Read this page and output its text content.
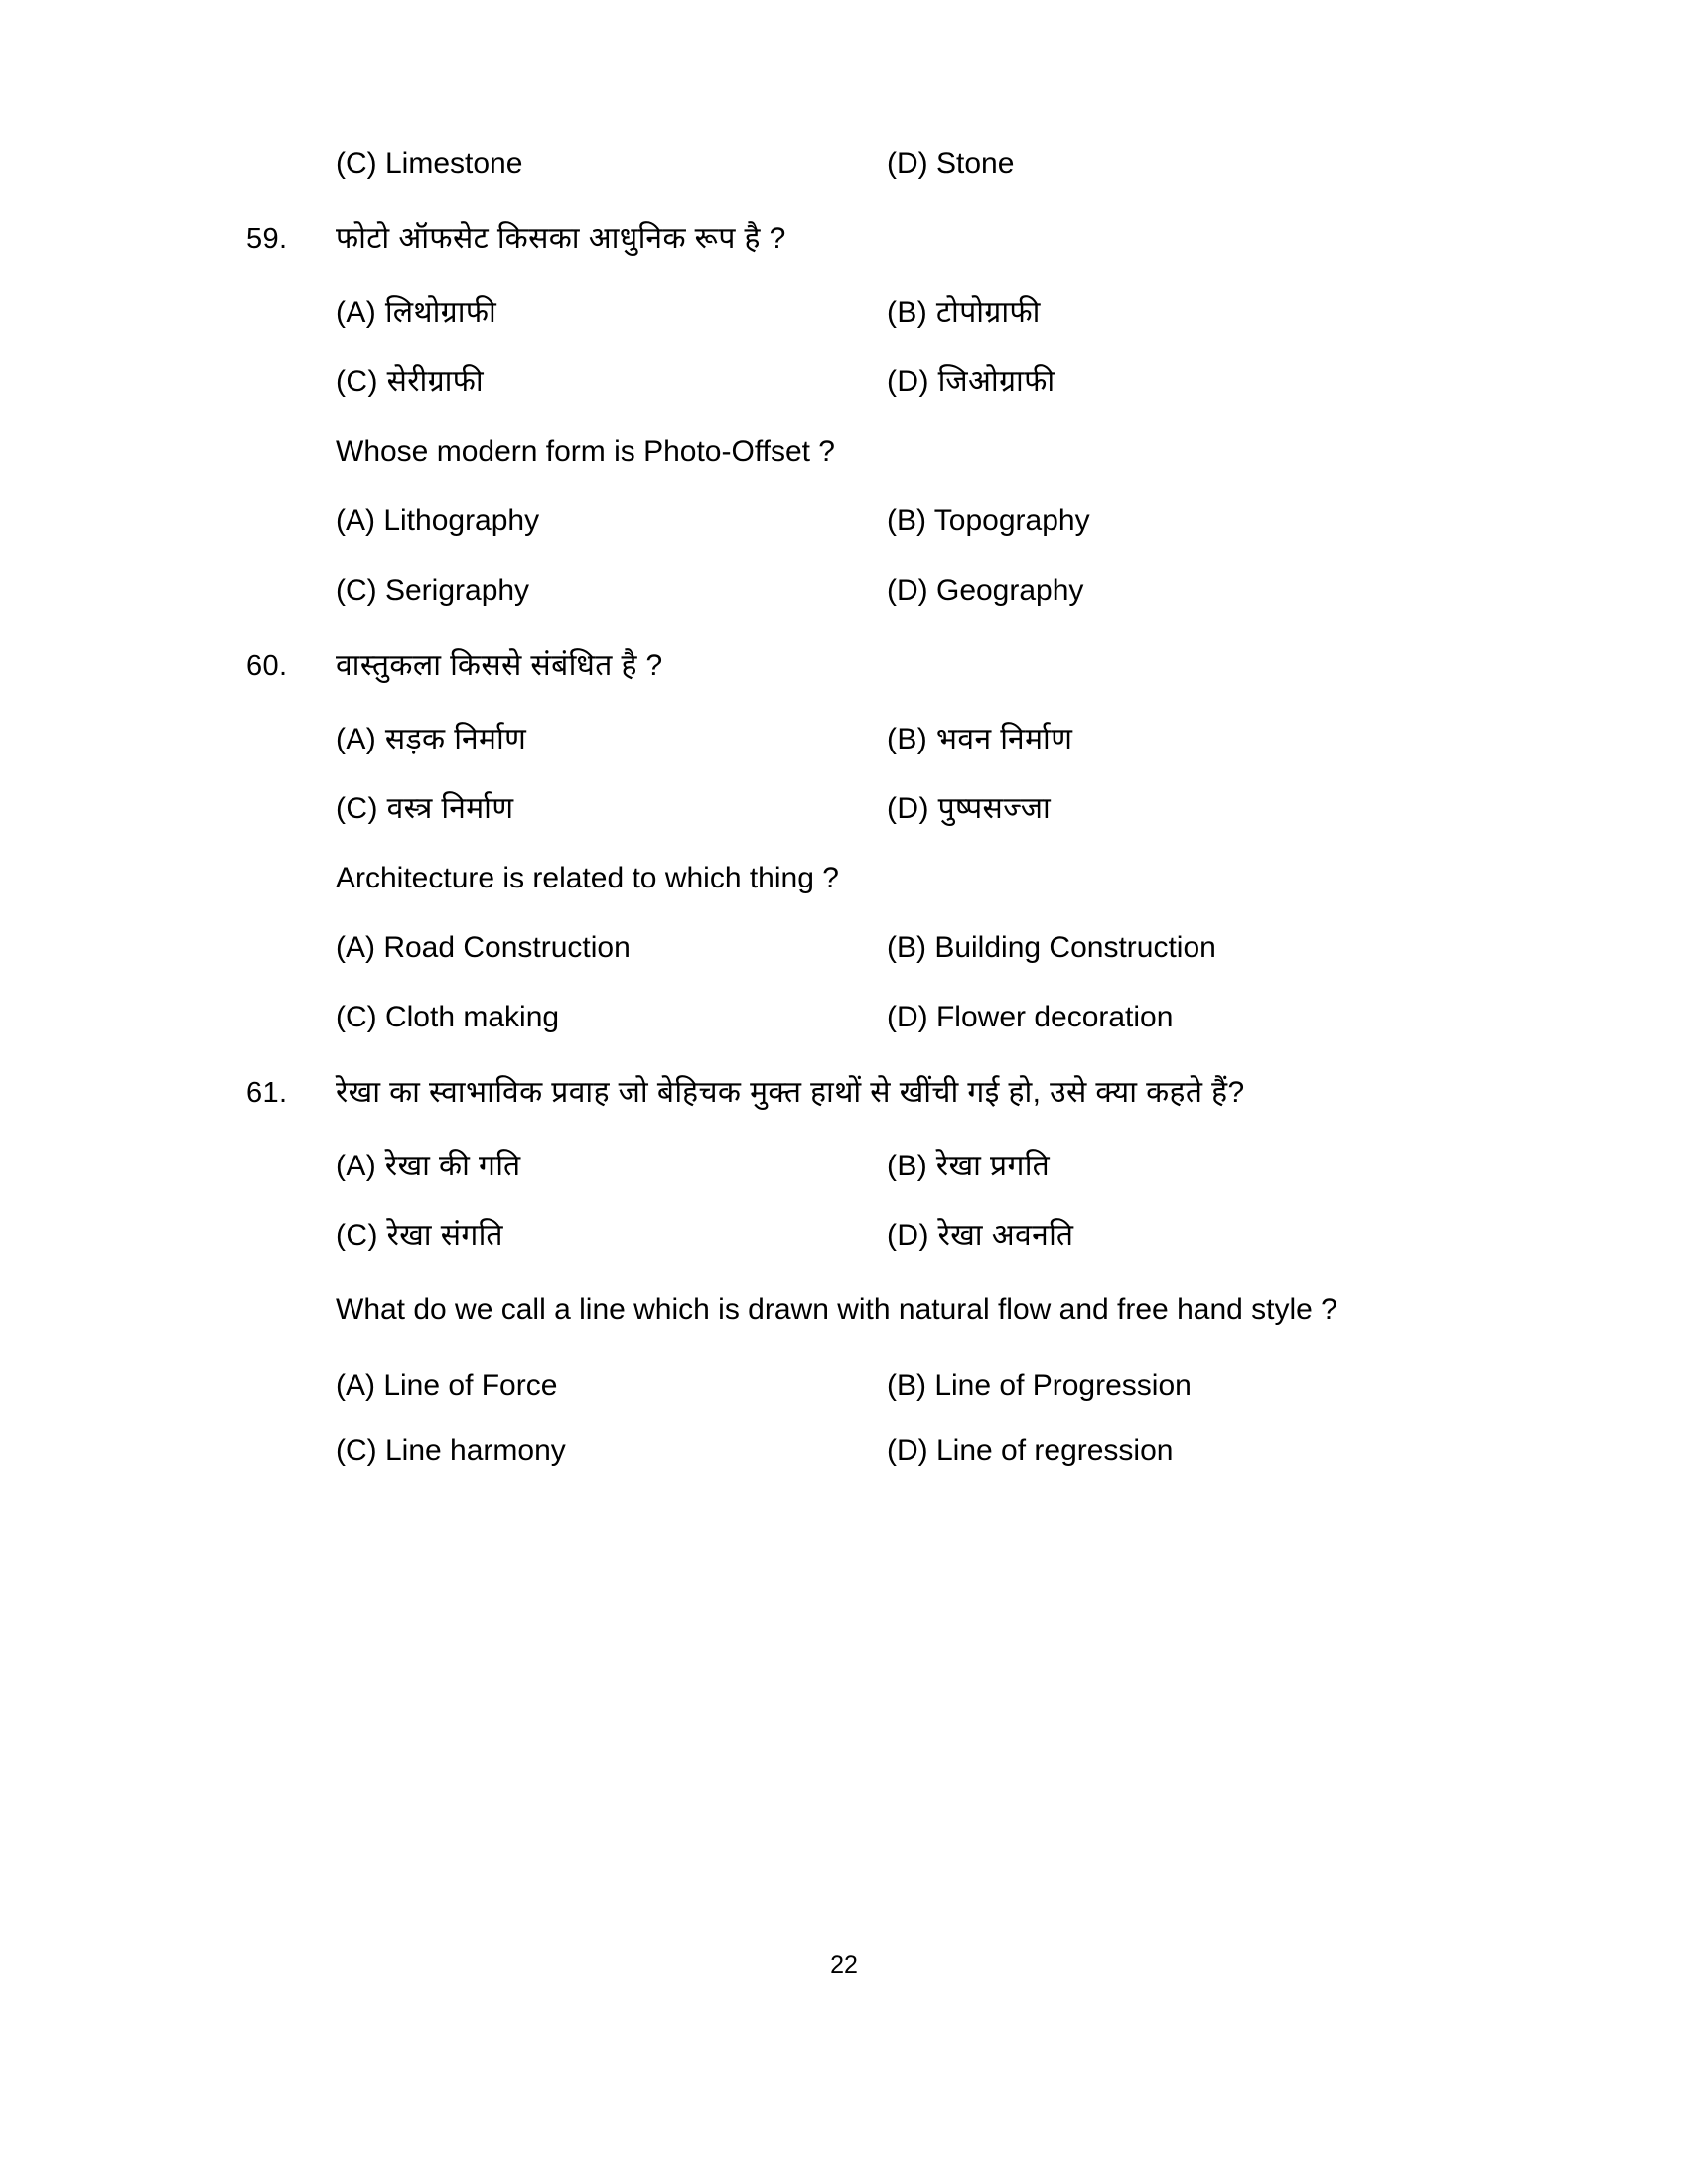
(C) Limestone	(D) Stone
59.	फोटो ऑफसेट किसका आधुनिक रूप है ?
(A) लिथोग्राफी	(B) टोपोग्राफी
(C) सेरीग्राफी	(D) जिओग्राफी
Whose modern form is Photo-Offset ?
(A) Lithography	(B) Topography
(C) Serigraphy	(D) Geography
60.	वास्तुकला किससे संबंधित है ?
(A) सड़क निर्माण	(B) भवन निर्माण
(C) वस्त्र निर्माण	(D) पुष्पसज्जा
Architecture is related to which thing ?
(A) Road Construction	(B) Building Construction
(C) Cloth making	(D) Flower decoration
61.	रेखा का स्वाभाविक प्रवाह जो बेहिचक मुक्त हाथों से खींची गई हो, उसे क्या कहते हैं?
(A) रेखा की गति	(B) रेखा प्रगति
(C) रेखा संगति	(D) रेखा अवनति
What do we call a line which is drawn with natural flow and free hand style ?
(A) Line of Force	(B) Line of Progression
(C) Line harmony	(D) Line of regression
22
